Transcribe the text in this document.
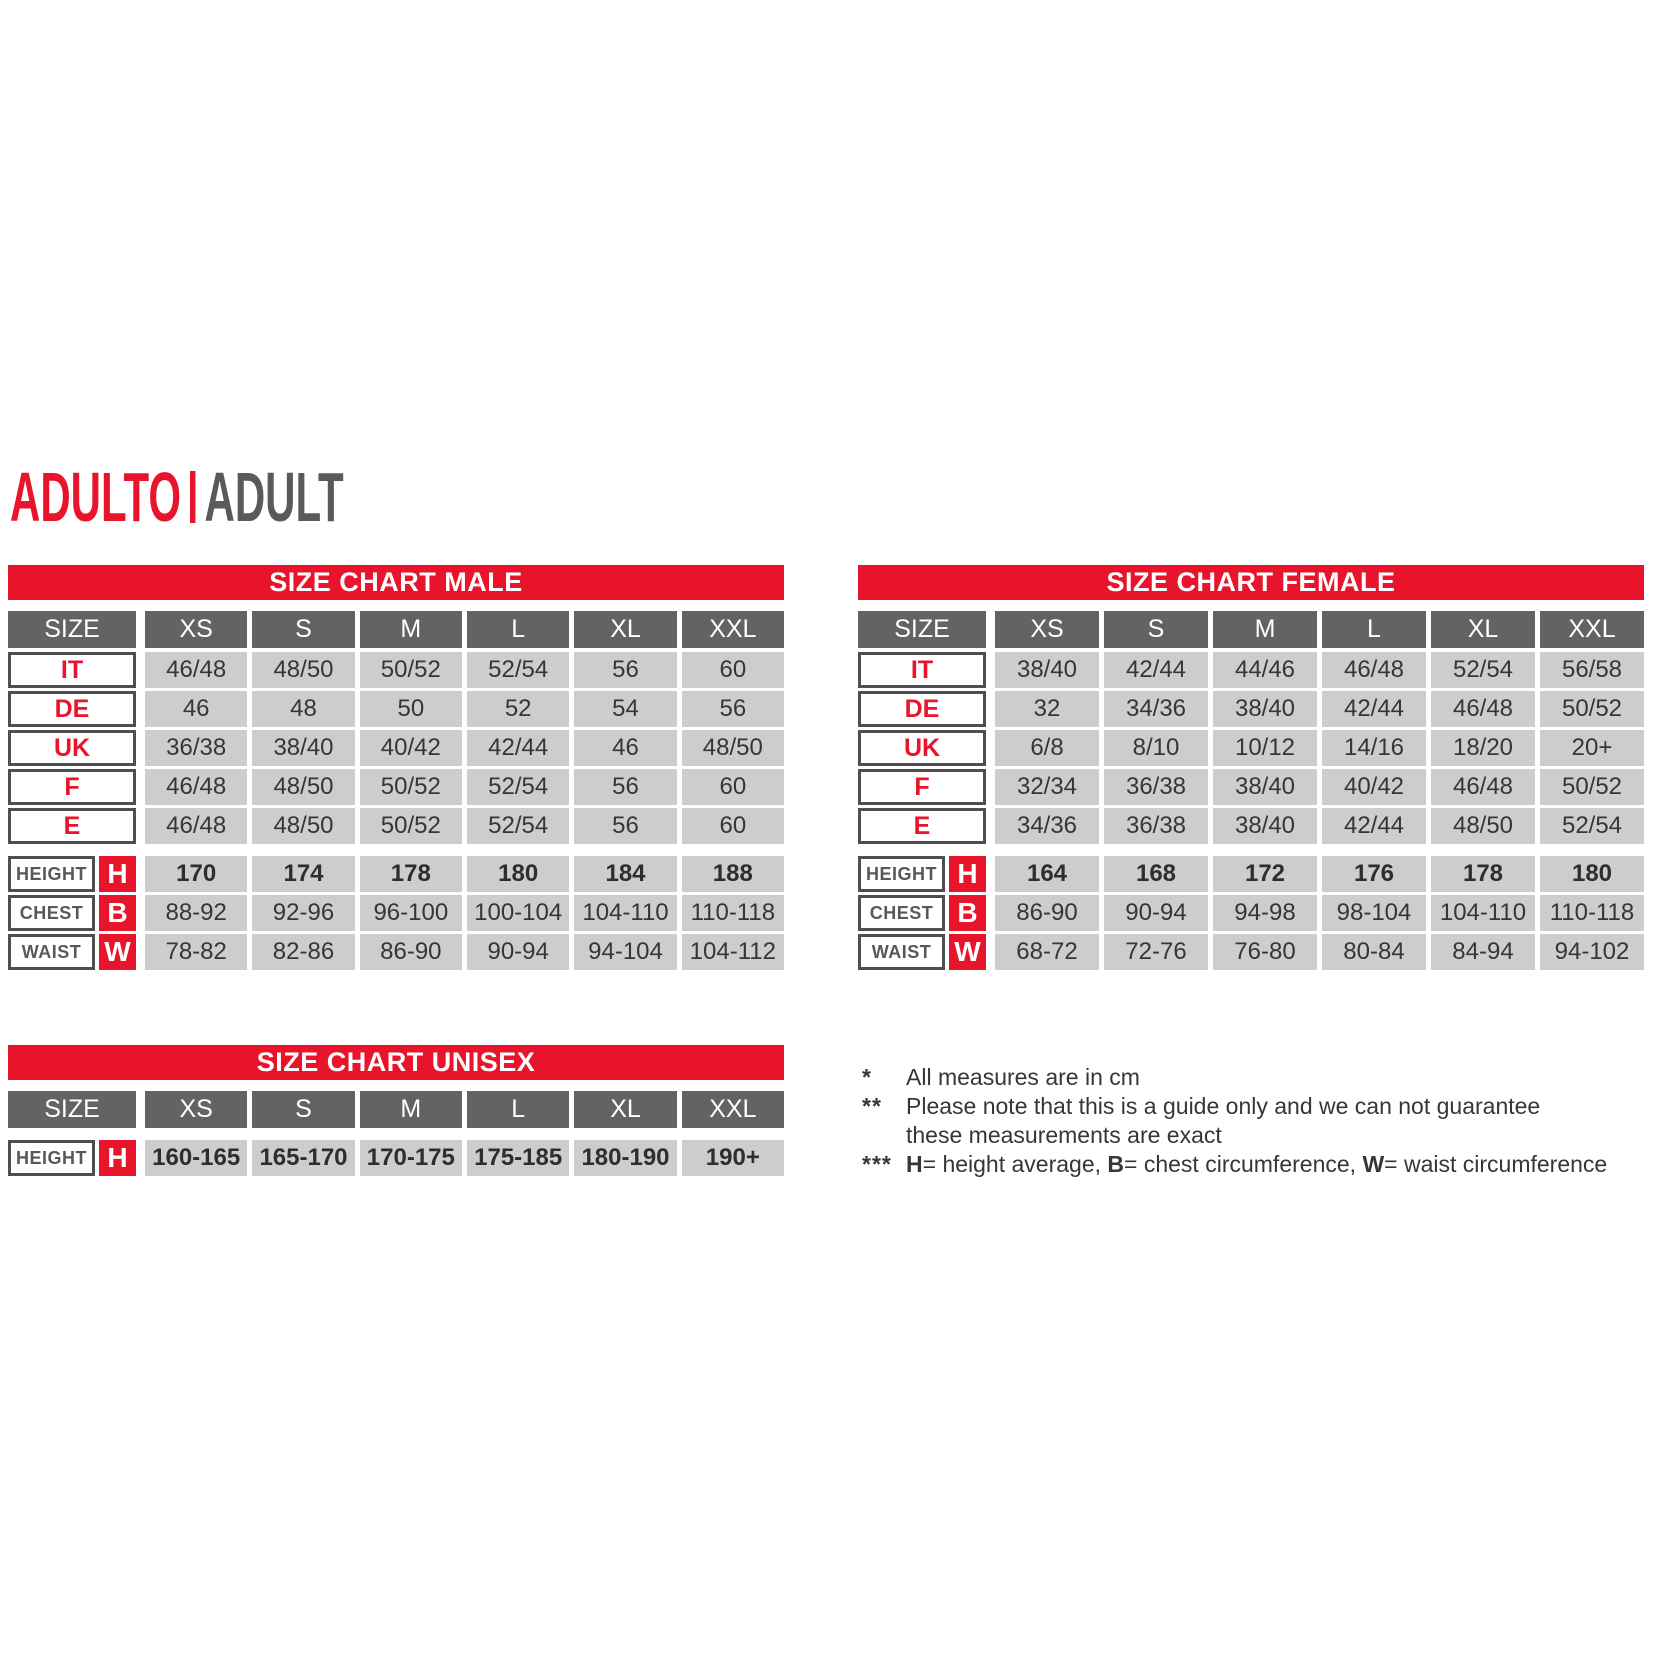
ADULTO ADULT
SIZE CHART MALE
SIZE	XS	S	M	L	XL	XXL
IT	46/48	48/50	50/52	52/54	56	60
DE	46	48	50	52	54	56
UK	36/38	38/40	40/42	42/44	46	48/50
F	46/48	48/50	50/52	52/54	56	60
E	46/48	48/50	50/52	52/54	56	60
HEIGHT H	170	174	178	180	184	188
CHEST B	88-92	92-96	96-100	100-104 104-110 110-118
WAIST W	78-82	82-86	86-90	90-94	94-104	104-112
SIZE CHART FEMALE
SIZE	XS	S	M	L	XL	XXL
IT	38/40	42/44	44/46	46/48	52/54	56/58
DE	32	34/36	38/40	42/44	46/48	50/52
UK	6/8	8/10	10/12	14/16	18/20	20+
F	32/34	36/38	38/40	40/42	46/48	50/52
E	34/36	36/38	38/40	42/44	48/50	52/54
HEIGHT H	164	168	172	176	178	180
CHEST B	86-90	90-94	94-98	98-104	104-110 110-118
WAIST W	68-72	72-76	76-80	80-84	84-94	94-102
SIZE CHART UNISEX
SIZE	XS	S	M	L	XL	XXL
HEIGHT H	160-165 165-170 170-175 175-185 180-190	190+
*	All measures are in cm
**	Please note that this is a guide only and we can not guarantee these measurements are exact
*** H= height average, B= chest circumference, W= waist circumference
